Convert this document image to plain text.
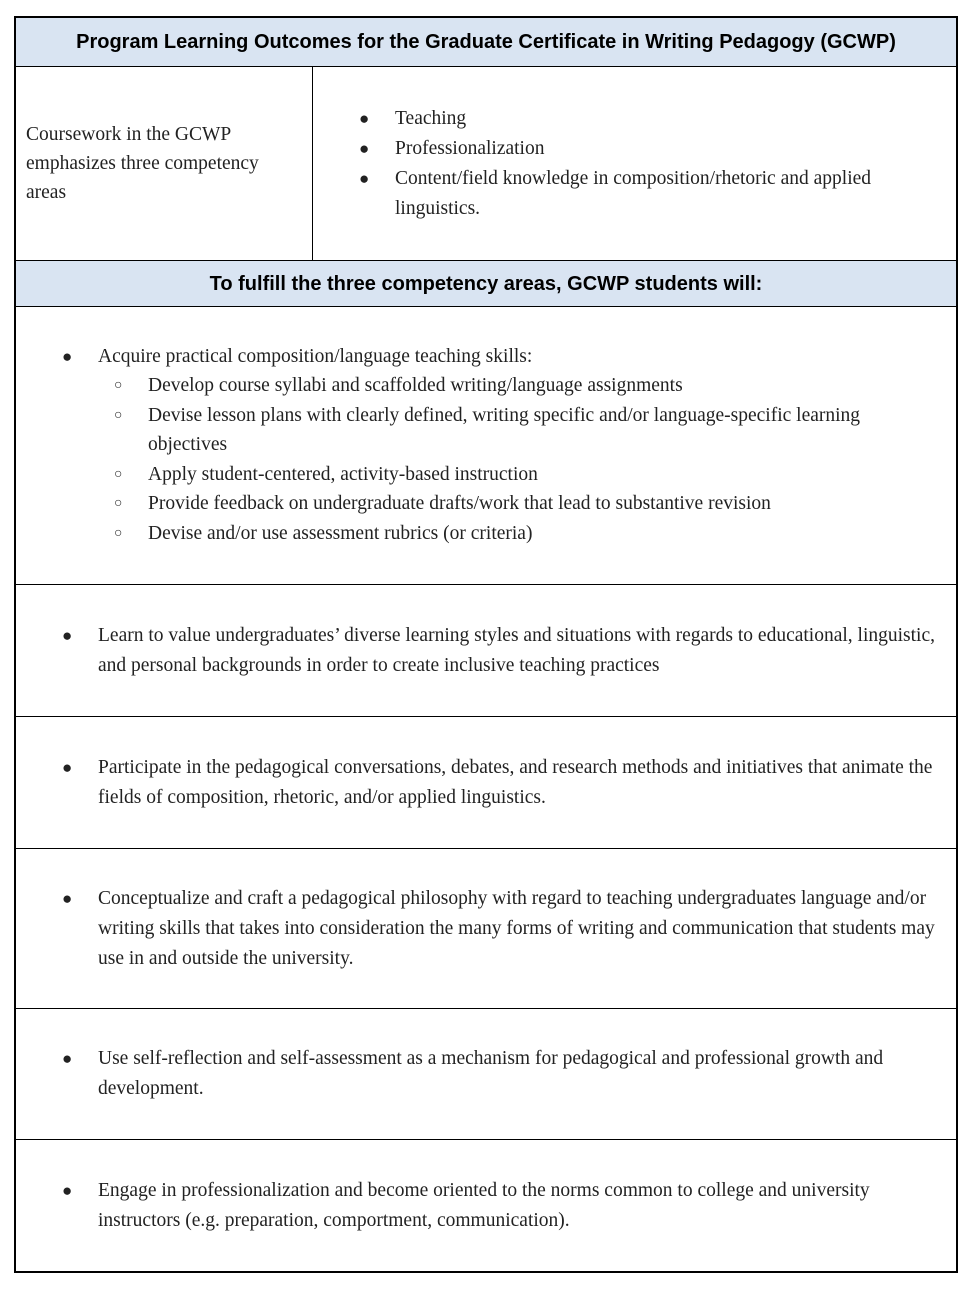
Program Learning Outcomes for the Graduate Certificate in Writing Pedagogy (GCWP)
Coursework in the GCWP emphasizes three competency areas
● Teaching
● Professionalization
● Content/field knowledge in composition/rhetoric and applied linguistics.
To fulfill the three competency areas, GCWP students will:
● Acquire practical composition/language teaching skills:
○ Develop course syllabi and scaffolded writing/language assignments
○ Devise lesson plans with clearly defined, writing specific and/or language-specific learning objectives
○ Apply student-centered, activity-based instruction
○ Provide feedback on undergraduate drafts/work that lead to substantive revision
○ Devise and/or use assessment rubrics (or criteria)
● Learn to value undergraduates’ diverse learning styles and situations with regards to educational, linguistic, and personal backgrounds in order to create inclusive teaching practices
● Participate in the pedagogical conversations, debates, and research methods and initiatives that animate the fields of composition, rhetoric, and/or applied linguistics.
● Conceptualize and craft a pedagogical philosophy with regard to teaching undergraduates language and/or writing skills that takes into consideration the many forms of writing and communication that students may use in and outside the university.
● Use self-reflection and self-assessment as a mechanism for pedagogical and professional growth and development.
● Engage in professionalization and become oriented to the norms common to college and university instructors (e.g. preparation, comportment, communication).
